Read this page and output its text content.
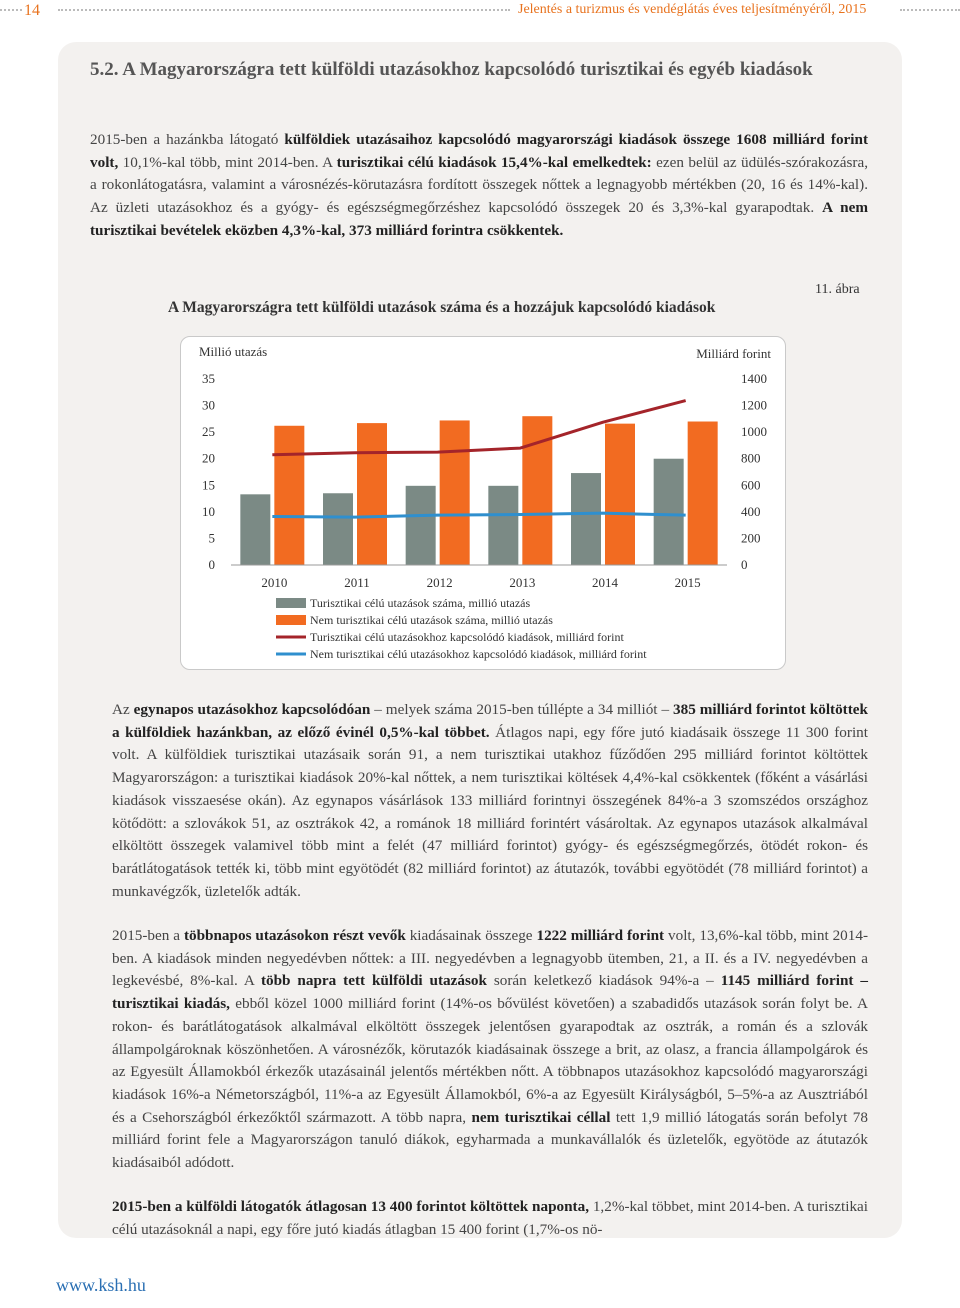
14	Jelentés a turizmus és vendéglátás éves teljesítményéről, 2015
5.2. A Magyarországra tett külföldi utazásokhoz kapcsolódó turisztikai és egyéb kiadások

2015-ben a hazánkba látogató külföldiek utazásaihoz kapcsolódó magyarországi kiadások összege 1608 milliárd forint volt, 10,1%-kal több, mint 2014-ben. A turisztikai célú kiadások 15,4%-kal emelkedtek: ezen belül az üdülés-szórakozásra, a rokonlátogatásra, valamint a városnézés-körutazásra fordított összegek nőttek a legnagyobb mértékben (20, 16 és 14%-kal). Az üzleti utazásokhoz és a gyógy- és egészségmegőrzéshez kapcsolódó összegek 20 és 3,3%-kal gyarapodtak. A nem turisztikai bevételek eközben 4,3%-kal, 373 milliárd forintra csökkentek.

11. ábra
A Magyarországra tett külföldi utazások száma és a hozzájuk kapcsolódó kiadások
Millió utazás	Milliárd forint
0
5
10
15
20
25
30
35
0
200
400
600
800
1000
1200
1400
2010	2011	2012	2013	2014	2015
Turisztikai célú utazások száma, millió utazás
Nem turisztikai célú utazások száma, millió utazás
Turisztikai célú utazásokhoz kapcsolódó kiadások, milliárd forint
Nem turisztikai célú utazásokhoz kapcsolódó kiadások, milliárd forint

Az egynapos utazásokhoz kapcsolódóan – melyek száma 2015-ben túllépte a 34 milliót – 385 milliárd forintot költöttek a külföldiek hazánkban, az előző évinél 0,5%-kal többet. Átlagos napi, egy főre jutó kiadásaik összege 11 300 forint volt. A külföldiek turisztikai utazásaik során 91, a nem turisztikai utakhoz fűződően 295 milliárd forintot költöttek Magyarországon: a turisztikai kiadások 20%-kal nőttek, a nem turisztikai költések 4,4%-kal csökkentek (főként a vásárlási kiadások visszaesése okán). Az egynapos vásárlások 133 milliárd forintnyi összegének 84%-a 3 szomszédos országhoz kötődött: a szlovákok 51, az osztrákok 42, a románok 18 milliárd forintért vásároltak. Az egynapos utazások alkalmával elköltött összegek valamivel több mint a felét (47 milliárd forintot) gyógy- és egészségmegőrzés, ötödét rokon- és barátlátogatások tették ki, több mint egyötödét (82 milliárd forintot) az átutazók, további egyötödét (78 milliárd forintot) a munkavégzők, üzletelők adták.

2015-ben a többnapos utazásokon részt vevők kiadásainak összege 1222 milliárd forint volt, 13,6%-kal több, mint 2014-ben. A kiadások minden negyedévben nőttek: a III. negyedévben a legnagyobb ütemben, 21, a II. és a IV. negyedévben a legkevésbé, 8%-kal. A több napra tett külföldi utazások során keletkező kiadások 94%-a – 1145 milliárd forint – turisztikai kiadás, ebből közel 1000 milliárd forint (14%-os bővülést követően) a szabadidős utazások során folyt be. A rokon- és barátlátogatások alkalmával elköltött összegek jelentősen gyarapodtak az osztrák, a román és a szlovák állampolgároknak köszönhetően. A városnézők, körutazók kiadásainak összege a brit, az olasz, a francia állampolgárok és az Egyesült Államokból érkezők utazásainál jelentős mértékben nőtt. A többnapos utazásokhoz kapcsolódó magyarországi kiadások 16%-a Németországból, 11%-a az Egyesült Államokból, 6%-a az Egyesült Királyságból, 5–5%-a az Ausztriából és a Csehországból érkezőktől származott. A több napra, nem turisztikai céllal tett 1,9 millió látogatás során befolyt 78 milliárd forint fele a Magyarországon tanuló diákok, egyharmada a munkavállalók és üzletelők, egyötöde az átutazók kiadásaiból adódott.

2015-ben a külföldi látogatók átlagosan 13 400 forintot költöttek naponta, 1,2%-kal többet, mint 2014-ben. A turisztikai célú utazásoknál a napi, egy főre jutó kiadás átlagban 15 400 forint (1,7%-os nö-

www.ksh.hu
